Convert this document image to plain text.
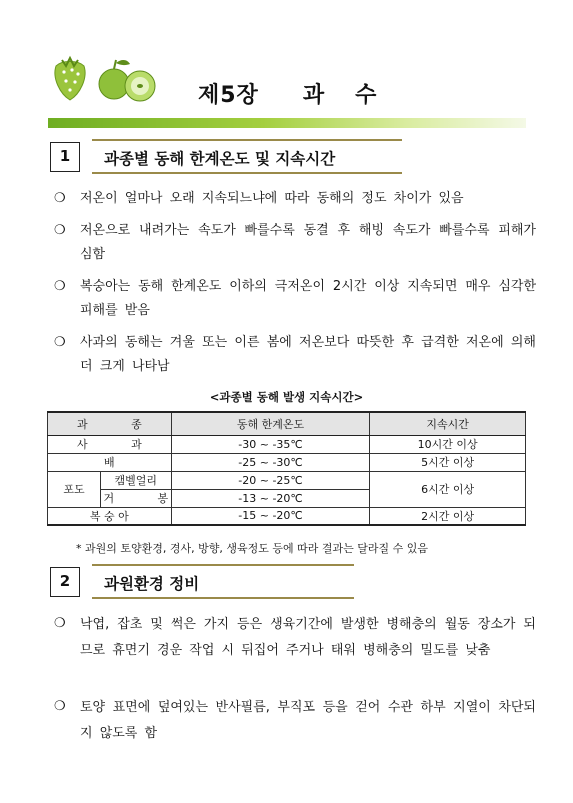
제5장 과 수
1	과종별 동해 한계온도 및 지속시간
❍	저온이 얼마나 오래 지속되느냐에 따라 동해의 정도 차이가 있음
❍	저온으로 내려가는 속도가 빠를수록 동결 후 해빙 속도가 빠를수록 피해가 심함
❍	복숭아는 동해 한계온도 이하의 극저온이 2시간 이상 지속되면 매우 심각한 피해를 받음
❍	사과의 동해는 겨울 또는 이른 봄에 저온보다 따뜻한 후 급격한 저온에 의해 더 크게 나타남
<과종별 동해 발생 지속시간>
과 종		동해 한계온도	지속시간
사 과		-30 ~ -35℃	10시간 이상
배		-25 ~ -30℃	5시간 이상
포도	캠벨얼리	-20 ~ -25℃	6시간 이상
	거 봉	-13 ~ -20℃	
복 숭 아		-15 ~ -20℃	2시간 이상
* 과원의 토양환경, 경사, 방향, 생육정도 등에 따라 결과는 달라질 수 있음
2	과원환경 정비
❍	낙엽, 잡초 및 썩은 가지 등은 생육기간에 발생한 병해충의 월동 장소가 되므로 휴면기 경운 작업 시 뒤집어 주거나 태워 병해충의 밀도를 낮춤
❍	토양 표면에 덮여있는 반사필름, 부직포 등을 걷어 수관 하부 지열이 차단되지 않도록 함
